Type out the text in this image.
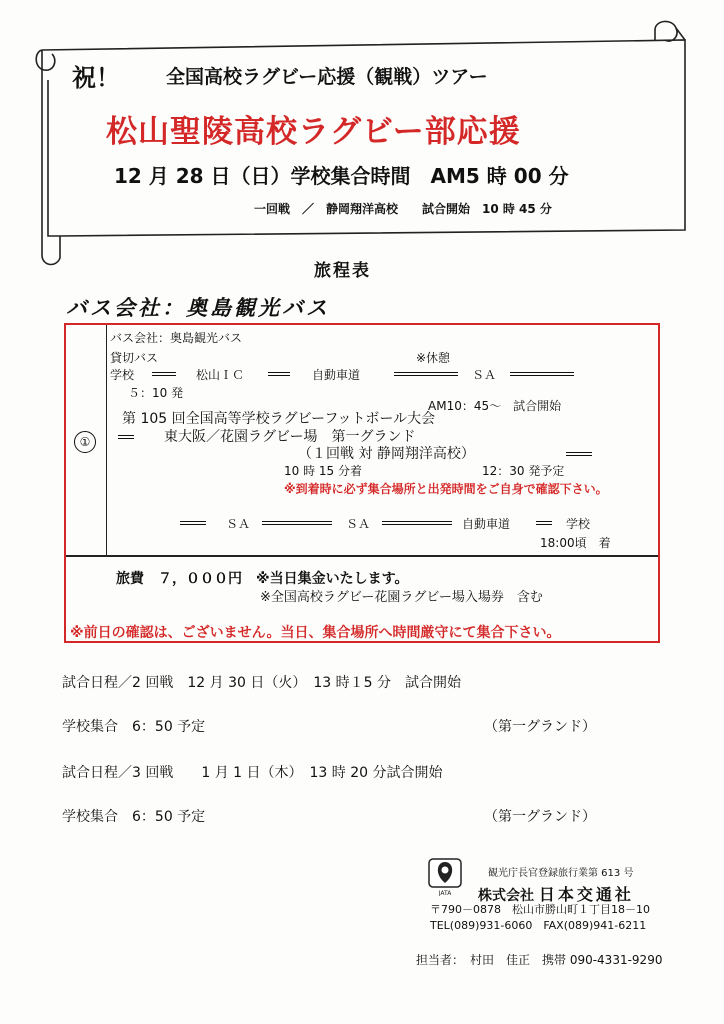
祝！ 全国高校ラグビー応援（観戦）ツアー
松山聖陵高校ラグビー部応援
12 月 28 日（日）学校集合時間　AM5 時 00 分
一回戦　／　静岡翔洋高校　　試合開始　10 時 45 分
旅程表
バス会社：奥島観光バス
①
バス会社：奥島観光バス
貸切バス
学校	松山ＩＣ	自動車道
※休憩
ＳＡ
５：10 発
AM10：45～　試合開始
第 105 回全国高等学校ラグビーフットボール大会
東大阪／花園ラグビー場　第一グランド
（１回戦 対 静岡翔洋高校）
10 時 15 分着	12：30 発予定
※到着時に必ず集合場所と出発時間をご自身で確認下さい。
ＳＡ	ＳＡ	自動車道	学校
18:00頃　着
旅費　７，０００円　※当日集金いたします。
※全国高校ラグビー花園ラグビー場入場券　含む
※前日の確認は、ございません。当日、集合場所へ時間厳守にて集合下さい。
試合日程／2 回戦　12 月 30 日（火）　13 時１5 分　試合開始
学校集合　6：50 予定	（第一グランド）
試合日程／3 回戦　　1 月 1 日（木）　13 時 20 分試合開始
学校集合　6：50 予定	（第一グランド）
JATA
観光庁長官登録旅行業第 613 号
株式会社 日本交通社
〒790－0878　松山市勝山町１丁目18－10
TEL(089)931-6060　FAX(089)941-6211
担当者：　村田　佳正　携帯 090-4331-9290
